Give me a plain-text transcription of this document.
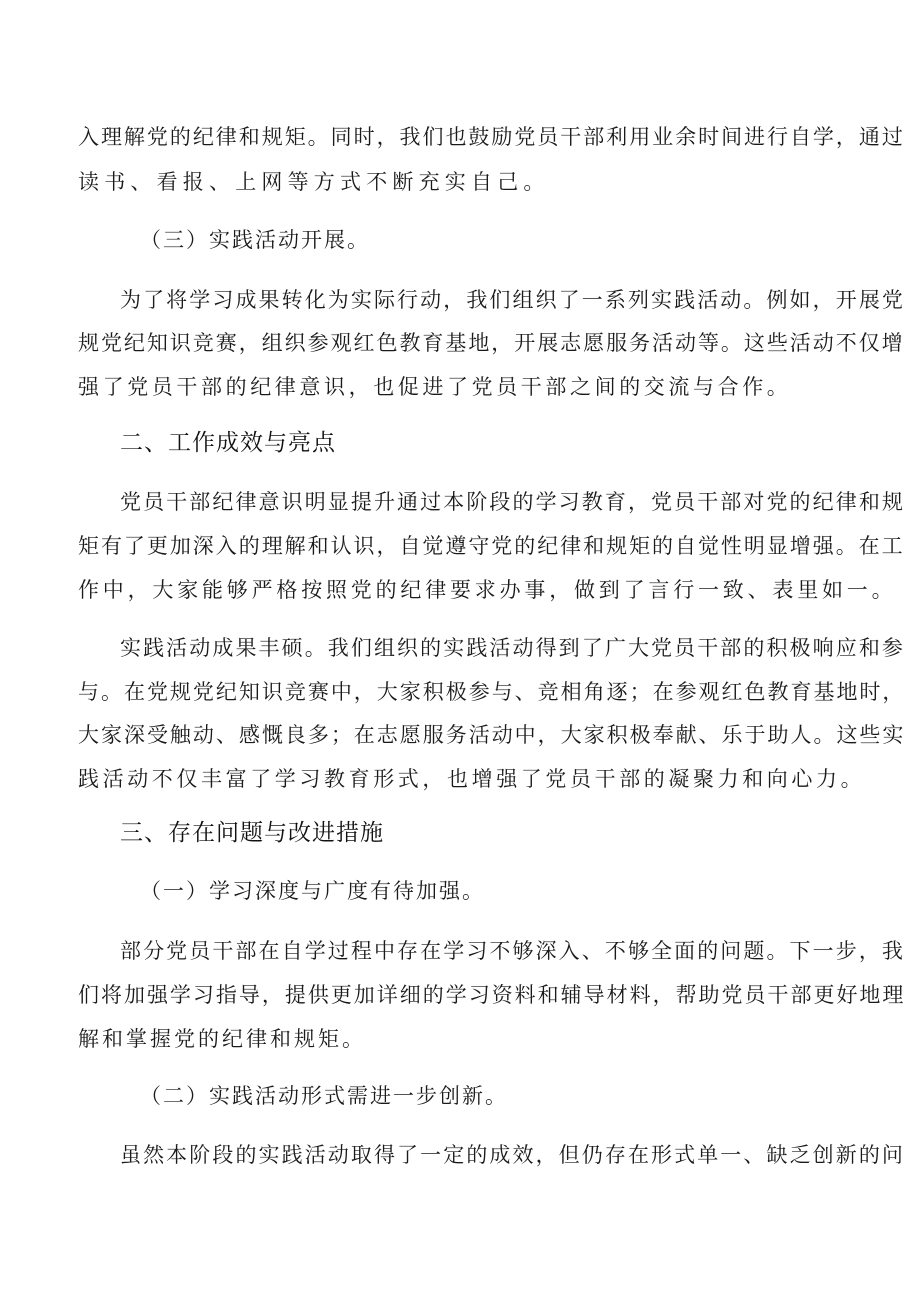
入理解党的纪律和规矩。同时，我们也鼓励党员干部利用业余时间进行自学，通过
读书、看报、上网等方式不断充实自己。
（三）实践活动开展。
为了将学习成果转化为实际行动，我们组织了一系列实践活动。例如，开展党
规党纪知识竞赛，组织参观红色教育基地，开展志愿服务活动等。这些活动不仅增
强了党员干部的纪律意识，也促进了党员干部之间的交流与合作。
二、工作成效与亮点
党员干部纪律意识明显提升通过本阶段的学习教育，党员干部对党的纪律和规
矩有了更加深入的理解和认识，自觉遵守党的纪律和规矩的自觉性明显增强。在工
作中，大家能够严格按照党的纪律要求办事，做到了言行一致、表里如一。
实践活动成果丰硕。我们组织的实践活动得到了广大党员干部的积极响应和参
与。在党规党纪知识竞赛中，大家积极参与、竞相角逐；在参观红色教育基地时，
大家深受触动、感慨良多；在志愿服务活动中，大家积极奉献、乐于助人。这些实
践活动不仅丰富了学习教育形式，也增强了党员干部的凝聚力和向心力。
三、存在问题与改进措施
（一）学习深度与广度有待加强。
部分党员干部在自学过程中存在学习不够深入、不够全面的问题。下一步，我
们将加强学习指导，提供更加详细的学习资料和辅导材料，帮助党员干部更好地理
解和掌握党的纪律和规矩。
（二）实践活动形式需进一步创新。
虽然本阶段的实践活动取得了一定的成效，但仍存在形式单一、缺乏创新的问
